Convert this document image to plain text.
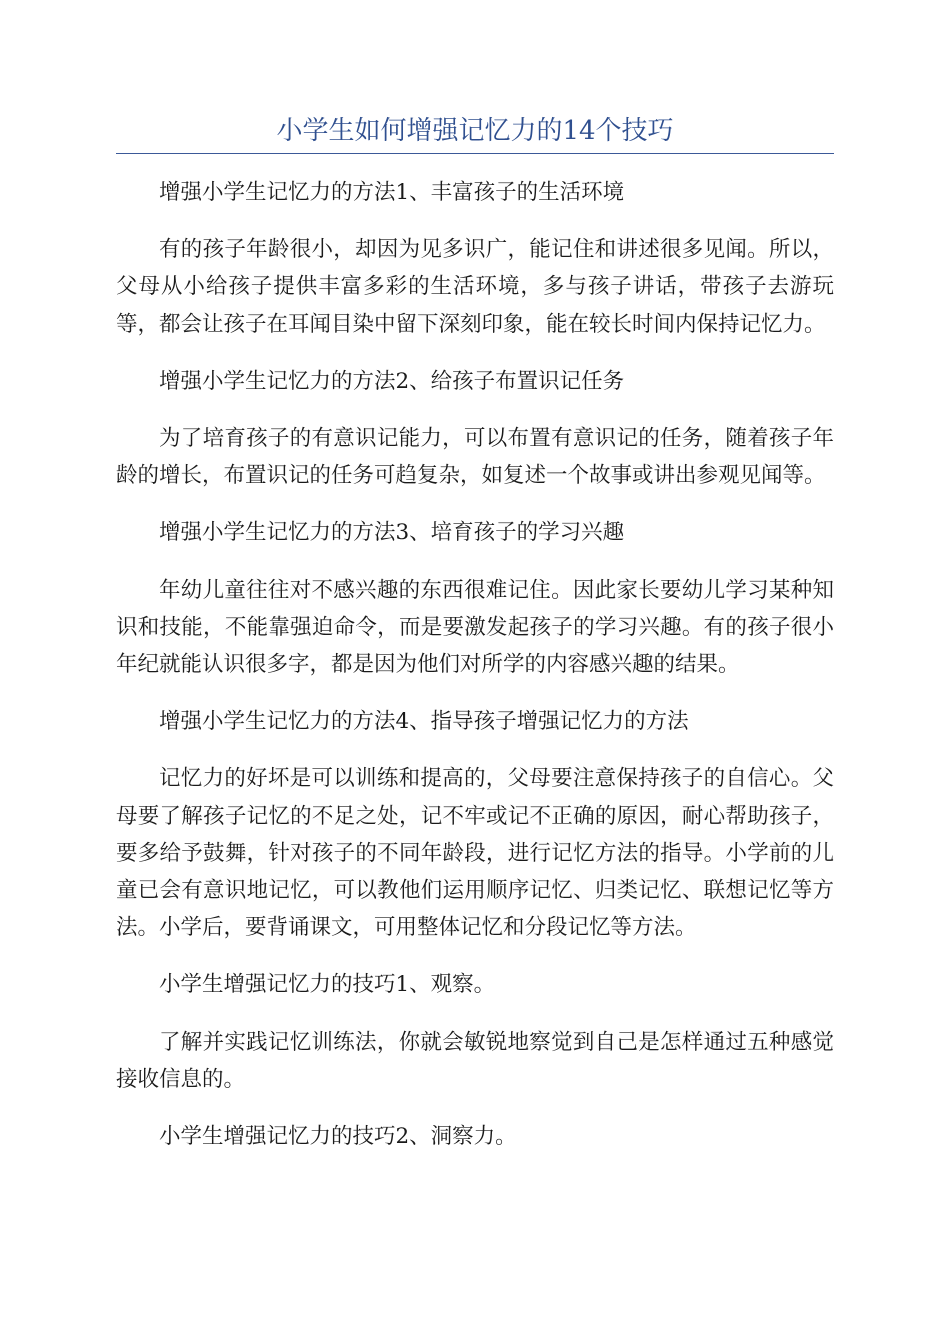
小学生如何增强记忆力的14个技巧

增强小学生记忆力的方法1、丰富孩子的生活环境

有的孩子年龄很小，却因为见多识广，能记住和讲述很多见闻。所以，父母从小给孩子提供丰富多彩的生活环境，多与孩子讲话，带孩子去游玩等，都会让孩子在耳闻目染中留下深刻印象，能在较长时间内保持记忆力。

增强小学生记忆力的方法2、给孩子布置识记任务

为了培育孩子的有意识记能力，可以布置有意识记的任务，随着孩子年龄的增长，布置识记的任务可趋复杂，如复述一个故事或讲出参观见闻等。

增强小学生记忆力的方法3、培育孩子的学习兴趣

年幼儿童往往对不感兴趣的东西很难记住。因此家长要幼儿学习某种知识和技能，不能靠强迫命令，而是要激发起孩子的学习兴趣。有的孩子很小年纪就能认识很多字，都是因为他们对所学的内容感兴趣的结果。

增强小学生记忆力的方法4、指导孩子增强记忆力的方法

记忆力的好坏是可以训练和提高的，父母要注意保持孩子的自信心。父母要了解孩子记忆的不足之处，记不牢或记不正确的原因，耐心帮助孩子，要多给予鼓舞，针对孩子的不同年龄段，进行记忆方法的指导。小学前的儿童已会有意识地记忆，可以教他们运用顺序记忆、归类记忆、联想记忆等方法。小学后，要背诵课文，可用整体记忆和分段记忆等方法。

小学生增强记忆力的技巧1、观察。

了解并实践记忆训练法，你就会敏锐地察觉到自己是怎样通过五种感觉接收信息的。

小学生增强记忆力的技巧2、洞察力。
